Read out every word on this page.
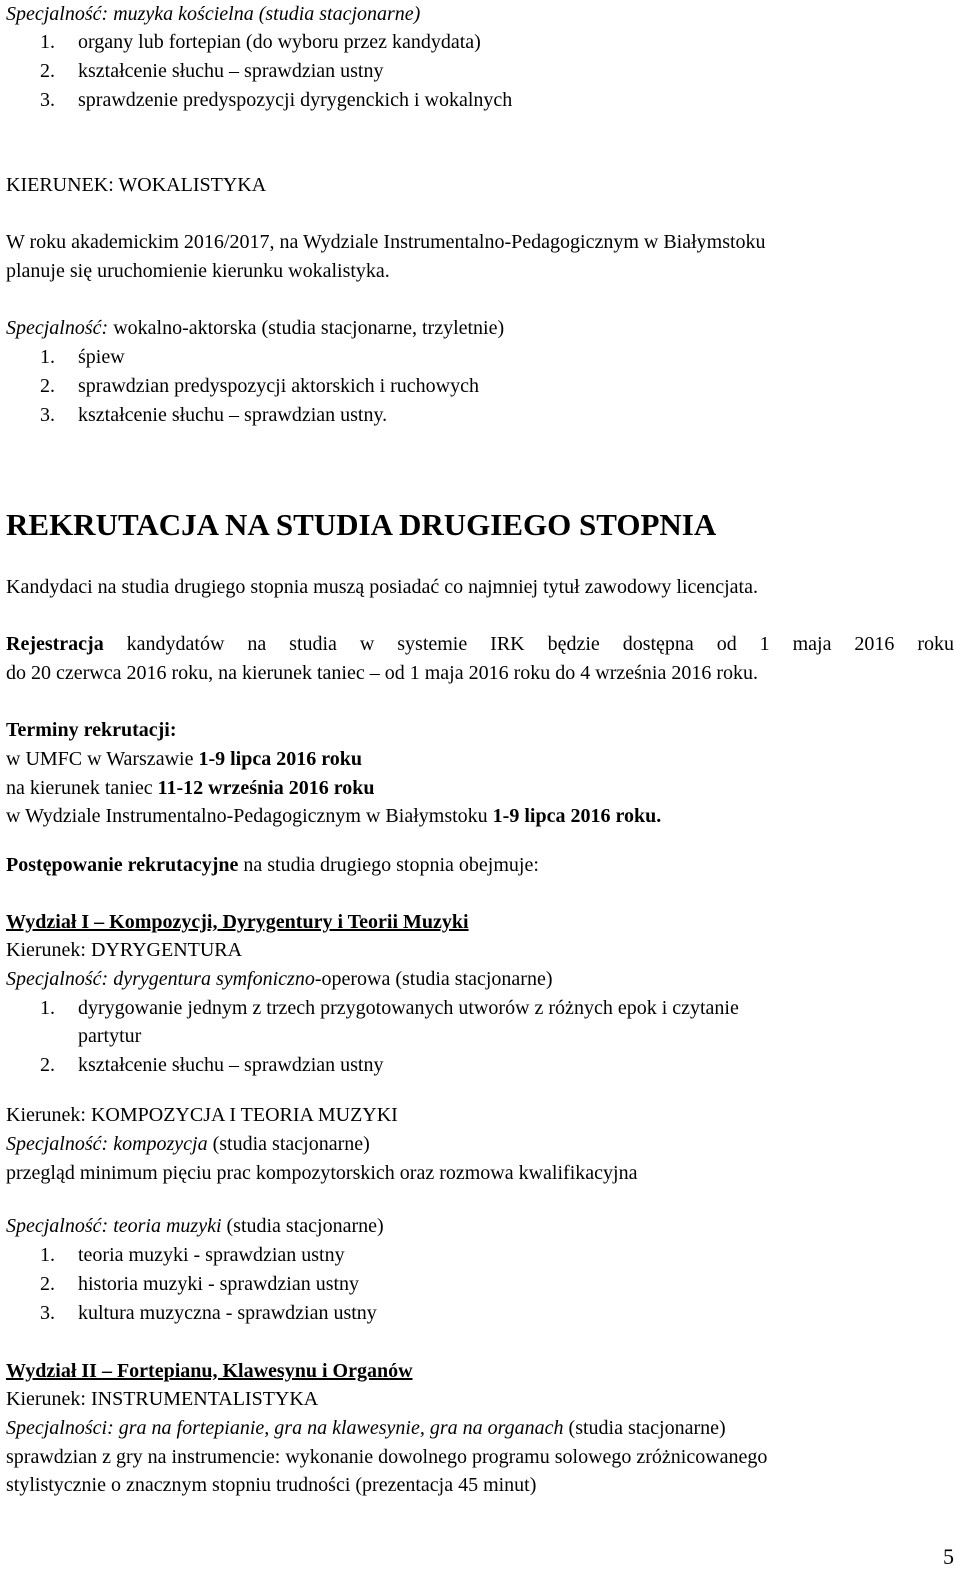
Specjalność: muzyka kościelna (studia stacjonarne)

1. organy lub fortepian (do wyboru przez kandydata)

2. kształcenie słuchu – sprawdzian ustny

3. sprawdzenie predyspozycji dyrygenckich i wokalnych

KIERUNEK: WOKALISTYKA

W roku akademickim 2016/2017, na Wydziale Instrumentalno-Pedagogicznym w Białymstoku

planuje się uruchomienie kierunku wokalistyka.

Specjalność: wokalno-aktorska (studia stacjonarne, trzyletnie)

1. śpiew

2. sprawdzian predyspozycji aktorskich i ruchowych

3. kształcenie słuchu – sprawdzian ustny.

REKRUTACJA NA STUDIA DRUGIEGO STOPNIA

Kandydaci na studia drugiego stopnia muszą posiadać co najmniej tytuł zawodowy licencjata.

Rejestracja kandydatów na studia w systemie IRK będzie dostępna od 1 maja 2016 roku

do 20 czerwca 2016 roku, na kierunek taniec – od 1 maja 2016 roku do 4 września 2016 roku.

Terminy rekrutacji:

w UMFC w Warszawie 1-9 lipca 2016 roku

na kierunek taniec 11-12 września 2016 roku

w Wydziale Instrumentalno-Pedagogicznym w Białymstoku 1-9 lipca 2016 roku.

Postępowanie rekrutacyjne na studia drugiego stopnia obejmuje:

Wydział I – Kompozycji, Dyrygentury i Teorii Muzyki

Kierunek: DYRYGENTURA

Specjalność: dyrygentura symfoniczno-operowa (studia stacjonarne)

1. dyrygowanie jednym z trzech przygotowanych utworów z różnych epok i czytanie

partytur

2. kształcenie słuchu – sprawdzian ustny

Kierunek: KOMPOZYCJA I TEORIA MUZYKI

Specjalność: kompozycja (studia stacjonarne)

przegląd minimum pięciu prac kompozytorskich oraz rozmowa kwalifikacyjna

Specjalność: teoria muzyki (studia stacjonarne)

1. teoria muzyki - sprawdzian ustny

2. historia muzyki - sprawdzian ustny

3. kultura muzyczna - sprawdzian ustny

Wydział II – Fortepianu, Klawesynu i Organów

Kierunek: INSTRUMENTALISTYKA

Specjalności: gra na fortepianie, gra na klawesynie, gra na organach (studia stacjonarne)

sprawdzian z gry na instrumencie: wykonanie dowolnego programu solowego zróżnicowanego

stylistycznie o znacznym stopniu trudności (prezentacja 45 minut)

5
